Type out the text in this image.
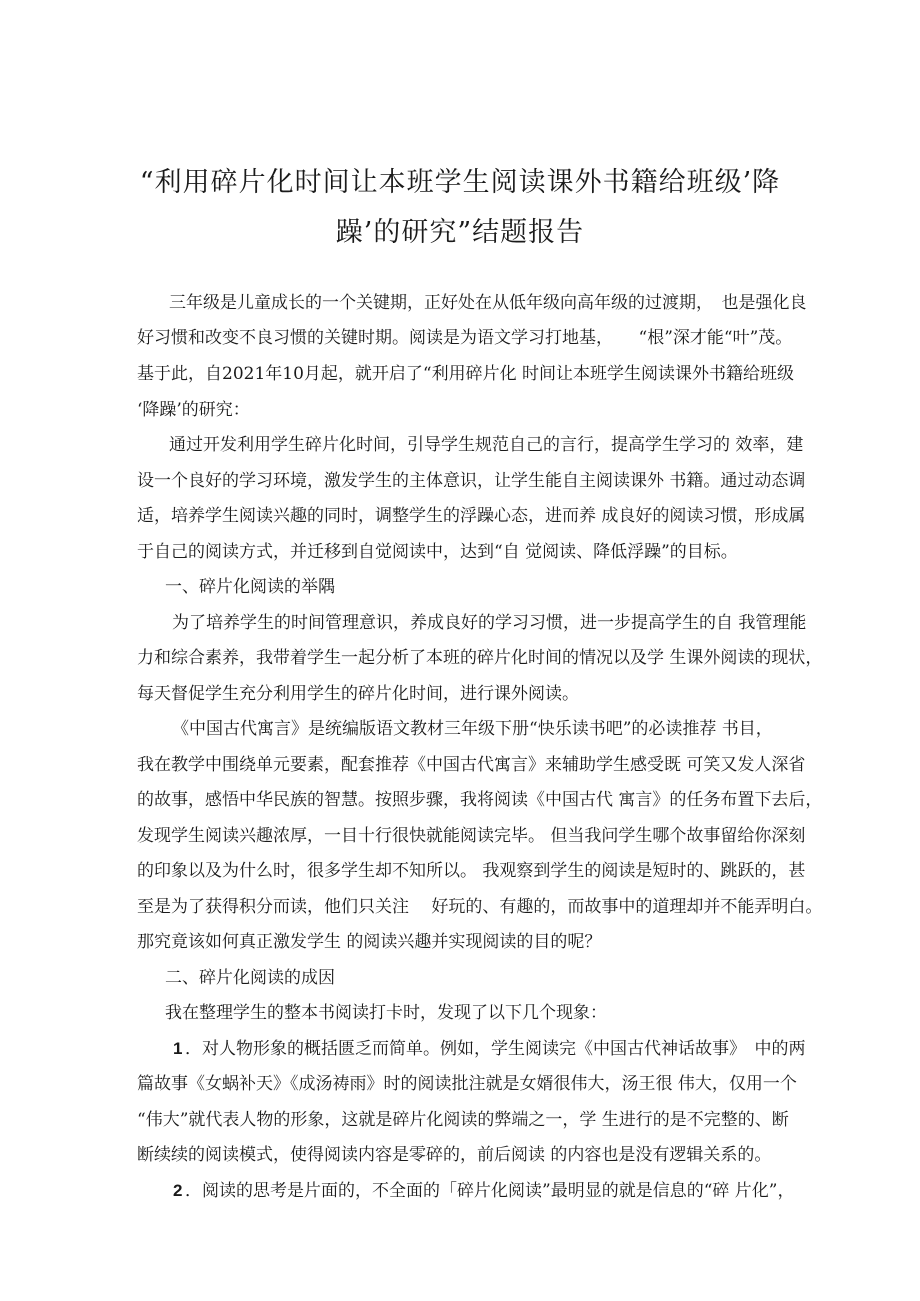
“利用碎片化时间让本班学生阅读课外书籍给班级’降
躁’的研究”结题报告
三年级是儿童成长的一个关键期，正好处在从低年级向高年级的过渡期，　也是强化良
好习惯和改变不良习惯的关键时期。阅读是为语文学习打地基，　　“根”深才能“叶”茂。
基于此，自2021年10月起，就开启了“利用碎片化 时间让本班学生阅读课外书籍给班级
‘降躁’的研究：
通过开发利用学生碎片化时间，引导学生规范自己的言行，提高学生学习的 效率，建
设一个良好的学习环境，激发学生的主体意识，让学生能自主阅读课外 书籍。通过动态调
适，培养学生阅读兴趣的同时，调整学生的浮躁心态，进而养 成良好的阅读习惯，形成属
于自己的阅读方式，并迁移到自觉阅读中，达到“自 觉阅读、降低浮躁”的目标。
一、碎片化阅读的举隅
为了培养学生的时间管理意识，养成良好的学习习惯，进一步提高学生的自 我管理能
力和综合素养，我带着学生一起分析了本班的碎片化时间的情况以及学 生课外阅读的现状，
每天督促学生充分利用学生的碎片化时间，进行课外阅读。
《中国古代寓言》是统编版语文教材三年级下册“快乐读书吧”的必读推荐 书目，
我在教学中围绕单元要素，配套推荐《中国古代寓言》来辅助学生感受既 可笑又发人深省
的故事，感悟中华民族的智慧。按照步骤，我将阅读《中国古代 寓言》的任务布置下去后，
发现学生阅读兴趣浓厚，一目十行很快就能阅读完毕。 但当我问学生哪个故事留给你深刻
的印象以及为什么时，很多学生却不知所以。 我观察到学生的阅读是短时的、跳跃的，甚
至是为了获得积分而读，他们只关注　 好玩的、有趣的，而故事中的道理却并不能弄明白。
那究竟该如何真正激发学生 的阅读兴趣并实现阅读的目的呢？
二、碎片化阅读的成因
我在整理学生的整本书阅读打卡时，发现了以下几个现象：
1 ．对人物形象的概括匮乏而简单。例如，学生阅读完《中国古代神话故事》　中的两
篇故事《女蜗补天》《成汤祷雨》时的阅读批注就是女婿很伟大，汤王很 伟大，仅用一个
“伟大”就代表人物的形象，这就是碎片化阅读的弊端之一，学 生进行的是不完整的、断
断续续的阅读模式，使得阅读内容是零碎的，前后阅读 的内容也是没有逻辑关系的。
2 ．阅读的思考是片面的，不全面的「碎片化阅读”最明显的就是信息的“碎 片化”，
